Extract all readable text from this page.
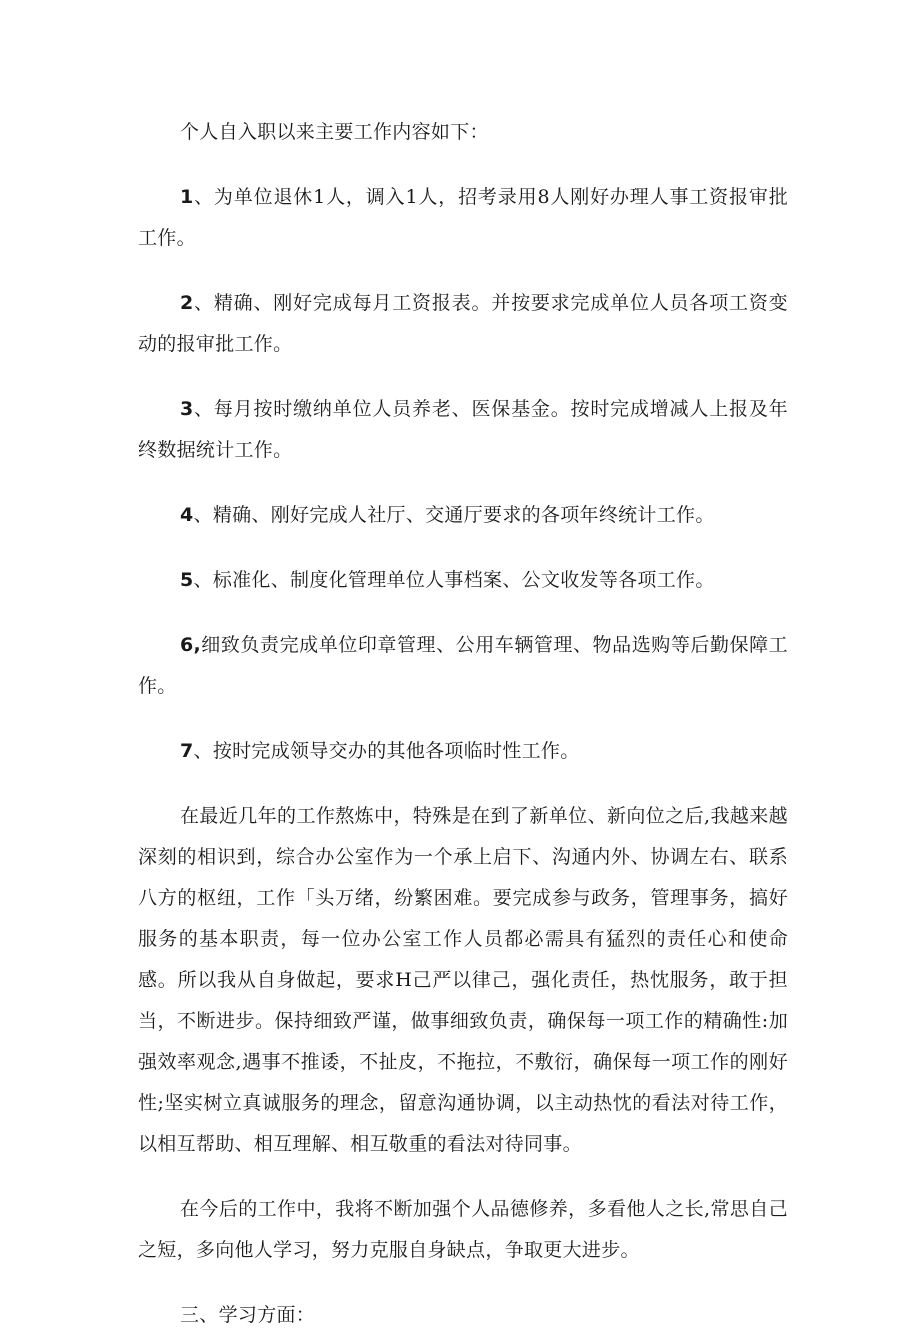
个人自入职以来主要工作内容如下：

1、为单位退休1人，调入1人，招考录用8人刚好办理人事工资报审批工作。

2、精确、刚好完成每月工资报表。并按要求完成单位人员各项工资变动的报审批工作。

3、每月按时缴纳单位人员养老、医保基金。按时完成增减人上报及年终数据统计工作。

4、精确、刚好完成人社厅、交通厅要求的各项年终统计工作。

5、标准化、制度化管理单位人事档案、公文收发等各项工作。

6,细致负责完成单位印章管理、公用车辆管理、物品选购等后勤保障工作。

7、按时完成领导交办的其他各项临时性工作。

在最近几年的工作熬炼中，特殊是在到了新单位、新向位之后,我越来越深刻的相识到，综合办公室作为一个承上启下、沟通内外、协调左右、联系八方的枢纽，工作「头万绪，纷繁困难。要完成参与政务，管理事务，搞好服务的基本职责，每一位办公室工作人员都必需具有猛烈的责任心和使命感。所以我从自身做起，要求H己严以律己，强化责任，热忱服务，敢于担当，不断进步。保持细致严谨，做事细致负责，确保每一项工作的精确性:加强效率观念,遇事不推诿，不扯皮，不拖拉，不敷衍，确保每一项工作的刚好性;坚实树立真诚服务的理念，留意沟通协调，以主动热忱的看法对待工作，以相互帮助、相互理解、相互敬重的看法对待同事。

在今后的工作中，我将不断加强个人品德修养，多看他人之长,常思自己之短，多向他人学习，努力克服自身缺点，争取更大进步。

三、学习方面：
